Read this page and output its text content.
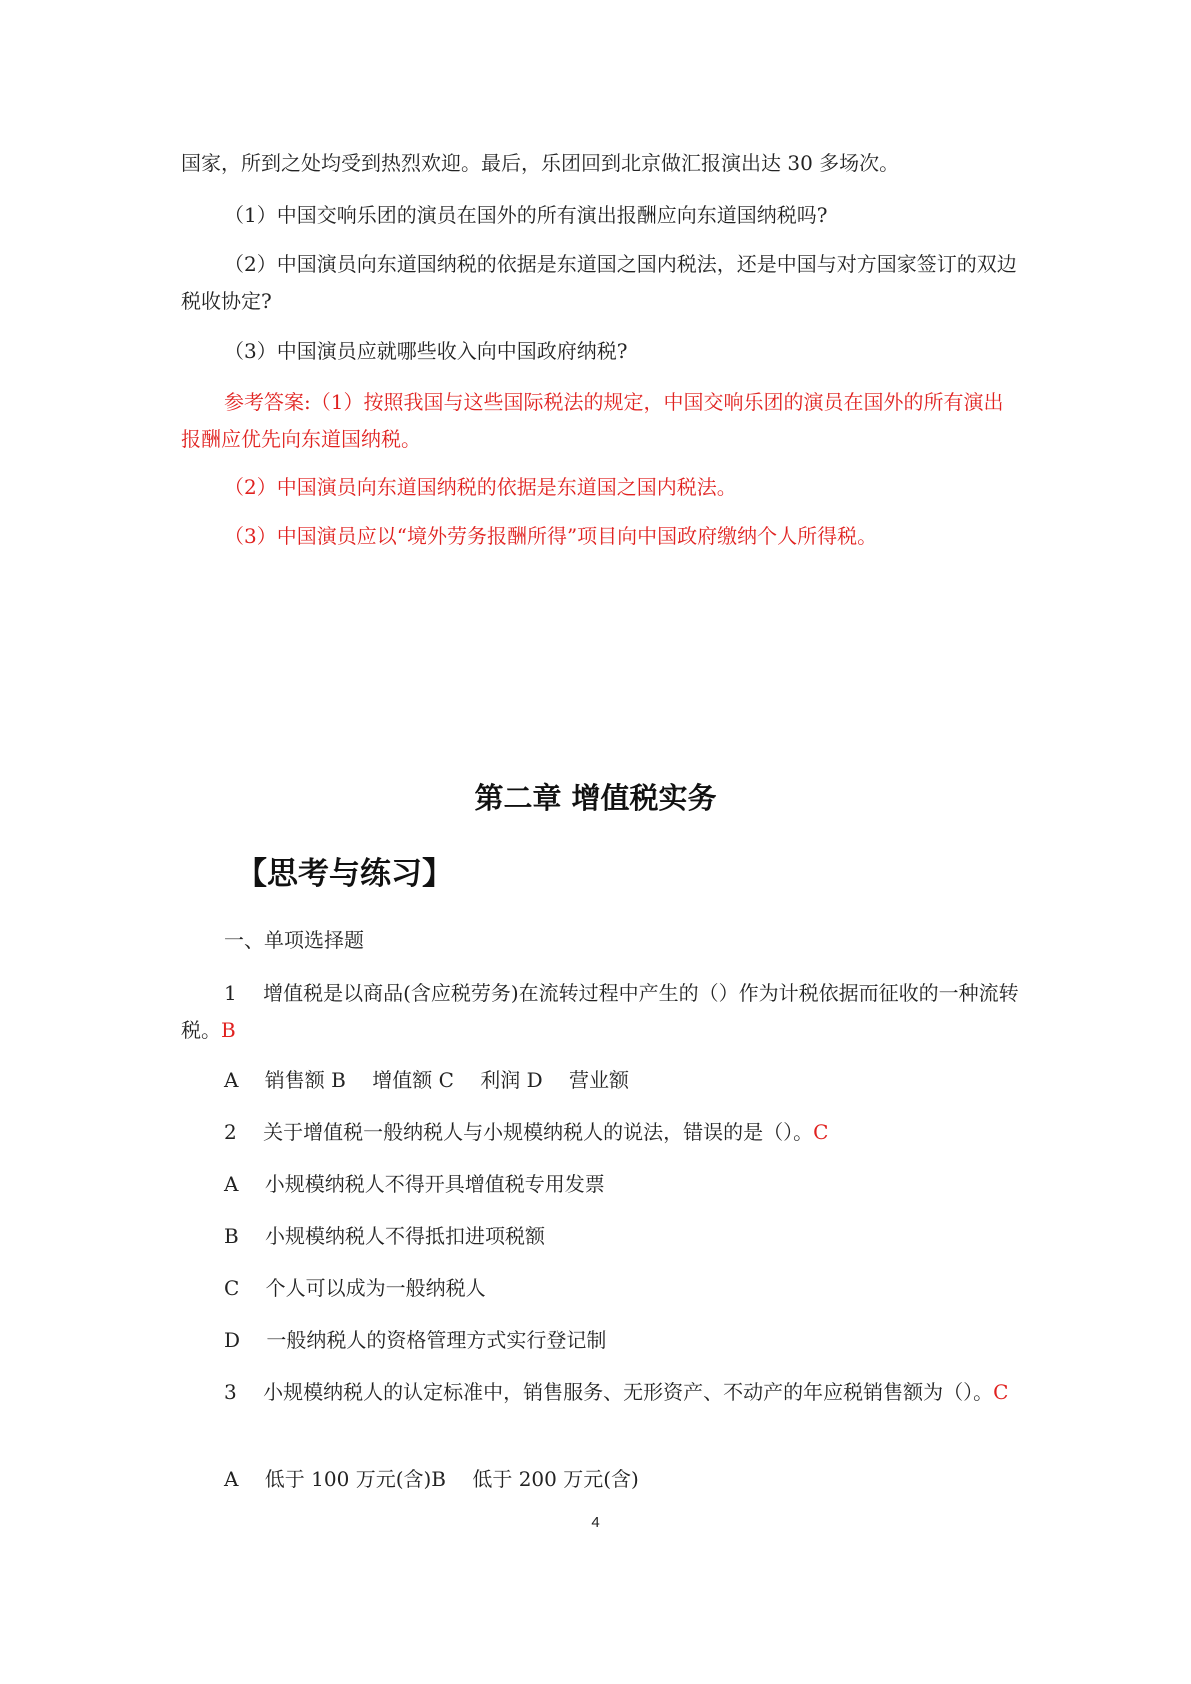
国家，所到之处均受到热烈欢迎。最后，乐团回到北京做汇报演出达 30 多场次。
（1）中国交响乐团的演员在国外的所有演出报酬应向东道国纳税吗?
（2）中国演员向东道国纳税的依据是东道国之国内税法，还是中国与对方国家签订的双边税收协定?
（3）中国演员应就哪些收入向中国政府纳税?
参考答案:（1）按照我国与这些国际税法的规定，中国交响乐团的演员在国外的所有演出报酬应优先向东道国纳税。
（2）中国演员向东道国纳税的依据是东道国之国内税法。
（3）中国演员应以“境外劳务报酬所得”项目向中国政府缴纳个人所得税。
第二章 增值税实务
【思考与练习】
一、单项选择题
1　 增值税是以商品(含应税劳务)在流转过程中产生的（）作为计税依据而征收的一种流转税。B
A　 销售额 B　 增值额 C　 利润 D　 营业额
2　 关于增值税一般纳税人与小规模纳税人的说法，错误的是（）。C
A　 小规模纳税人不得开具增值税专用发票
B　 小规模纳税人不得抵扣进项税额
C　 个人可以成为一般纳税人
D　 一般纳税人的资格管理方式实行登记制
3　 小规模纳税人的认定标准中，销售服务、无形资产、不动产的年应税销售额为（）。C
A　 低于 100 万元(含)B　 低于 200 万元(含)
4
